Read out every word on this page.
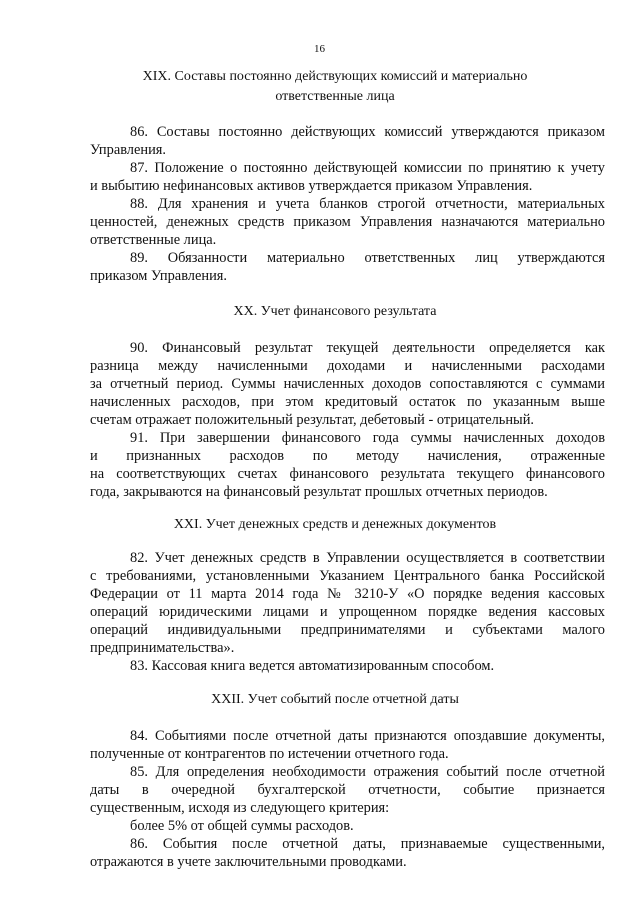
16
XIX. Составы постоянно действующих комиссий и материально
ответственные лица
86. Составы постоянно действующих комиссий утверждаются приказом
Управления.
87. Положение о постоянно действующей комиссии по принятию к учету
и выбытию нефинансовых активов утверждается приказом Управления.
88. Для хранения и учета бланков строгой отчетности, материальных
ценностей, денежных средств приказом Управления назначаются материально
ответственные лица.
89. Обязанности материально ответственных лиц утверждаются
приказом Управления.
XX. Учет финансового результата
90. Финансовый результат текущей деятельности определяется как
разница между начисленными доходами и начисленными расходами
за отчетный период. Суммы начисленных доходов сопоставляются с суммами
начисленных расходов, при этом кредитовый остаток по указанным выше
счетам отражает положительный результат, дебетовый - отрицательный.
91. При завершении финансового года суммы начисленных доходов
и признанных расходов по методу начисления, отраженные
на соответствующих счетах финансового результата текущего финансового
года, закрываются на финансовый результат прошлых отчетных периодов.
XXI. Учет денежных средств и денежных документов
82. Учет денежных средств в Управлении осуществляется в соответствии
с требованиями, установленными Указанием Центрального банка Российской
Федерации от 11 марта 2014 года № 3210-У «О порядке ведения кассовых
операций юридическими лицами и упрощенном порядке ведения кассовых
операций индивидуальными предпринимателями и субъектами малого
предпринимательства».
83. Кассовая книга ведется автоматизированным способом.
XXII. Учет событий после отчетной даты
84. Событиями после отчетной даты признаются опоздавшие документы,
полученные от контрагентов по истечении отчетного года.
85. Для определения необходимости отражения событий после отчетной
даты в очередной бухгалтерской отчетности, событие признается
существенным, исходя из следующего критерия:
более 5% от общей суммы расходов.
86. События после отчетной даты, признаваемые существенными,
отражаются в учете заключительными проводками.
